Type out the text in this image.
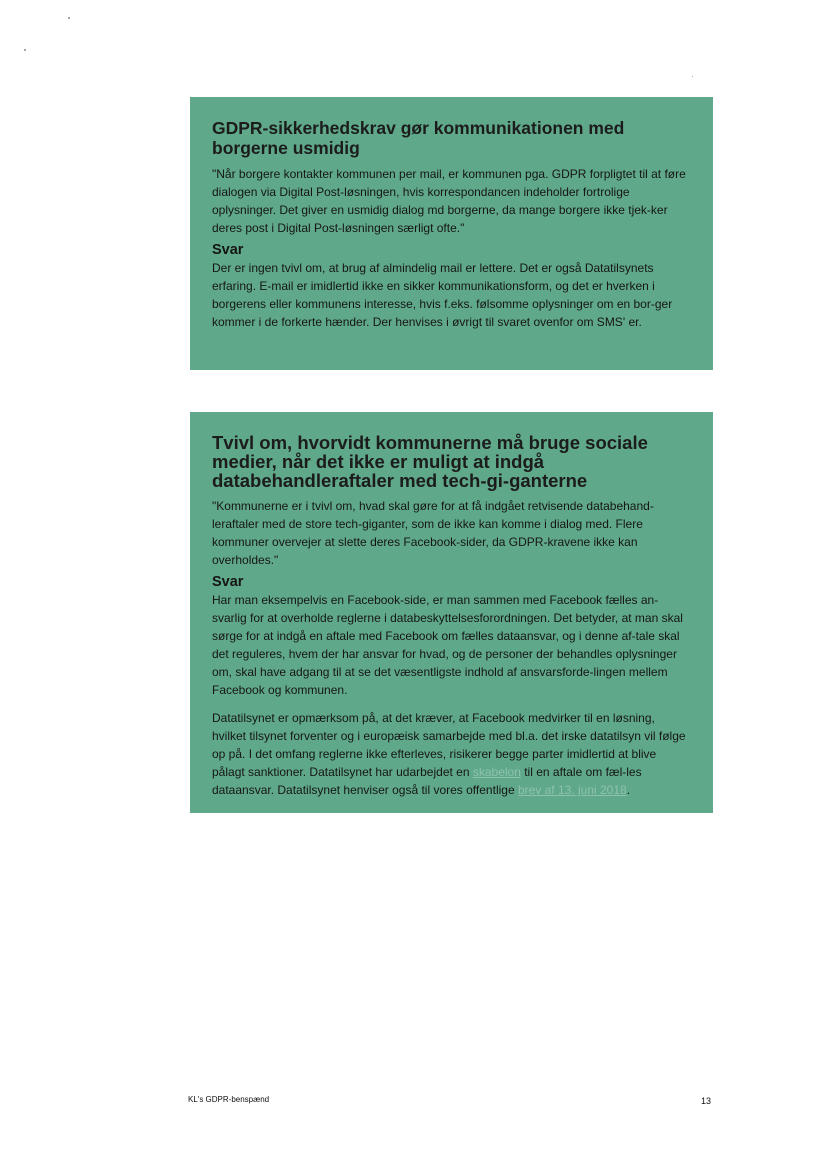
GDPR-sikkerhedskrav gør kommunikationen med borgerne usmidig

"Når borgere kontakter kommunen per mail, er kommunen pga. GDPR forpligtet til at føre dialogen via Digital Post-løsningen, hvis korrespondancen indeholder fortrolige oplysninger. Det giver en usmidig dialog md borgerne, da mange borgere ikke tjek-ker deres post i Digital Post-løsningen særligt ofte."

Svar

Der er ingen tvivl om, at brug af almindelig mail er lettere. Det er også Datatilsynets erfaring. E-mail er imidlertid ikke en sikker kommunikationsform, og det er hverken i borgerens eller kommunens interesse, hvis f.eks. følsomme oplysninger om en bor-ger kommer i de forkerte hænder. Der henvises i øvrigt til svaret ovenfor om SMS' er.

Tvivl om, hvorvidt kommunerne må bruge sociale medier, når det ikke er muligt at indgå databehandleraftaler med tech-gi-ganterne

"Kommunerne er i tvivl om, hvad skal gøre for at få indgået retvisende databehand-leraftaler med de store tech-giganter, som de ikke kan komme i dialog med. Flere kommuner overvejer at slette deres Facebook-sider, da GDPR-kravene ikke kan overholdes."

Svar

Har man eksempelvis en Facebook-side, er man sammen med Facebook fælles an-svarlig for at overholde reglerne i databeskyttelsesforordningen. Det betyder, at man skal sørge for at indgå en aftale med Facebook om fælles dataansvar, og i denne af-tale skal det reguleres, hvem der har ansvar for hvad, og de personer der behandles oplysninger om, skal have adgang til at se det væsentligste indhold af ansvarsforde-lingen mellem Facebook og kommunen.

Datatilsynet er opmærksom på, at det kræver, at Facebook medvirker til en løsning, hvilket tilsynet forventer og i europæisk samarbejde med bl.a. det irske datatilsyn vil følge op på. I det omfang reglerne ikke efterleves, risikerer begge parter imidlertid at blive pålagt sanktioner. Datatilsynet har udarbejdet en skabelon til en aftale om fæl-les dataansvar. Datatilsynet henviser også til vores offentlige brev af 13. juni 2018.

KL's GDPR-benspænd	13
